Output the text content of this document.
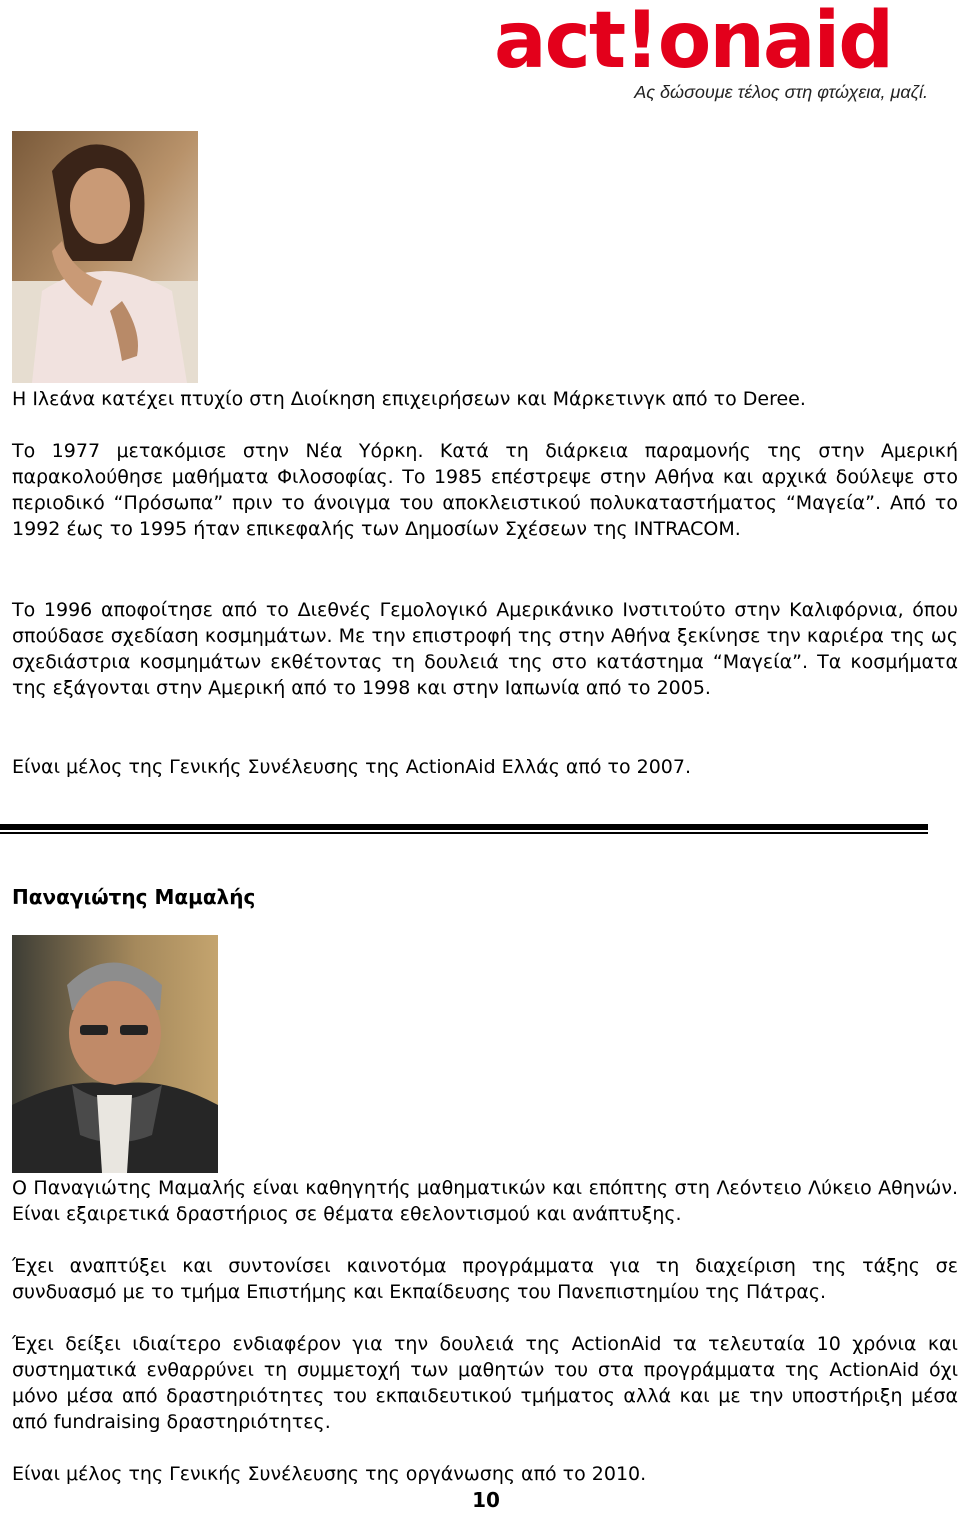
act!onaid
Ας δώσουμε τέλος στη φτώχεια, μαζί.

Η Ιλεάνα κατέχει πτυχίο στη Διοίκηση επιχειρήσεων και Μάρκετινγκ από το Deree.

Το 1977 μετακόμισε στην Νέα Υόρκη. Κατά τη διάρκεια παραμονής της στην Αμερική παρακολούθησε μαθήματα Φιλοσοφίας. Το 1985 επέστρεψε στην Αθήνα και αρχικά δούλεψε στο περιοδικό “Πρόσωπα” πριν το άνοιγμα του αποκλειστικού πολυκαταστήματος “Μαγεία”. Από το 1992 έως το 1995 ήταν επικεφαλής των Δημοσίων Σχέσεων της INTRACOM.

Το 1996 αποφοίτησε από το Διεθνές Γεμολογικό Αμερικάνικο Ινστιτούτο στην Καλιφόρνια, όπου σπούδασε σχεδίαση κοσμημάτων. Με την επιστροφή της στην Αθήνα ξεκίνησε την καριέρα της ως σχεδιάστρια κοσμημάτων εκθέτοντας τη δουλειά της στο κατάστημα “Μαγεία”. Τα κοσμήματα της εξάγονται στην Αμερική από το 1998 και στην Ιαπωνία από το 2005.

Είναι μέλος της Γενικής Συνέλευσης της ActionAid Ελλάς από το 2007.

Παναγιώτης Μαμαλής

Ο Παναγιώτης Μαμαλής είναι καθηγητής μαθηματικών και επόπτης στη Λεόντειο Λύκειο Αθηνών. Είναι εξαιρετικά δραστήριος σε θέματα εθελοντισμού και ανάπτυξης.

Έχει αναπτύξει και συντονίσει καινοτόμα προγράμματα για τη διαχείριση της τάξης σε συνδυασμό με το τμήμα Επιστήμης και Εκπαίδευσης του Πανεπιστημίου της Πάτρας.

Έχει δείξει ιδιαίτερο ενδιαφέρον για την δουλειά της ActionAid τα τελευταία 10 χρόνια και συστηματικά ενθαρρύνει τη συμμετοχή των μαθητών του στα προγράμματα της ActionAid όχι μόνο μέσα από δραστηριότητες του εκπαιδευτικού τμήματος αλλά και με την υποστήριξη μέσα από fundraising δραστηριότητες.

Είναι μέλος της Γενικής Συνέλευσης της οργάνωσης από το 2010.

10
